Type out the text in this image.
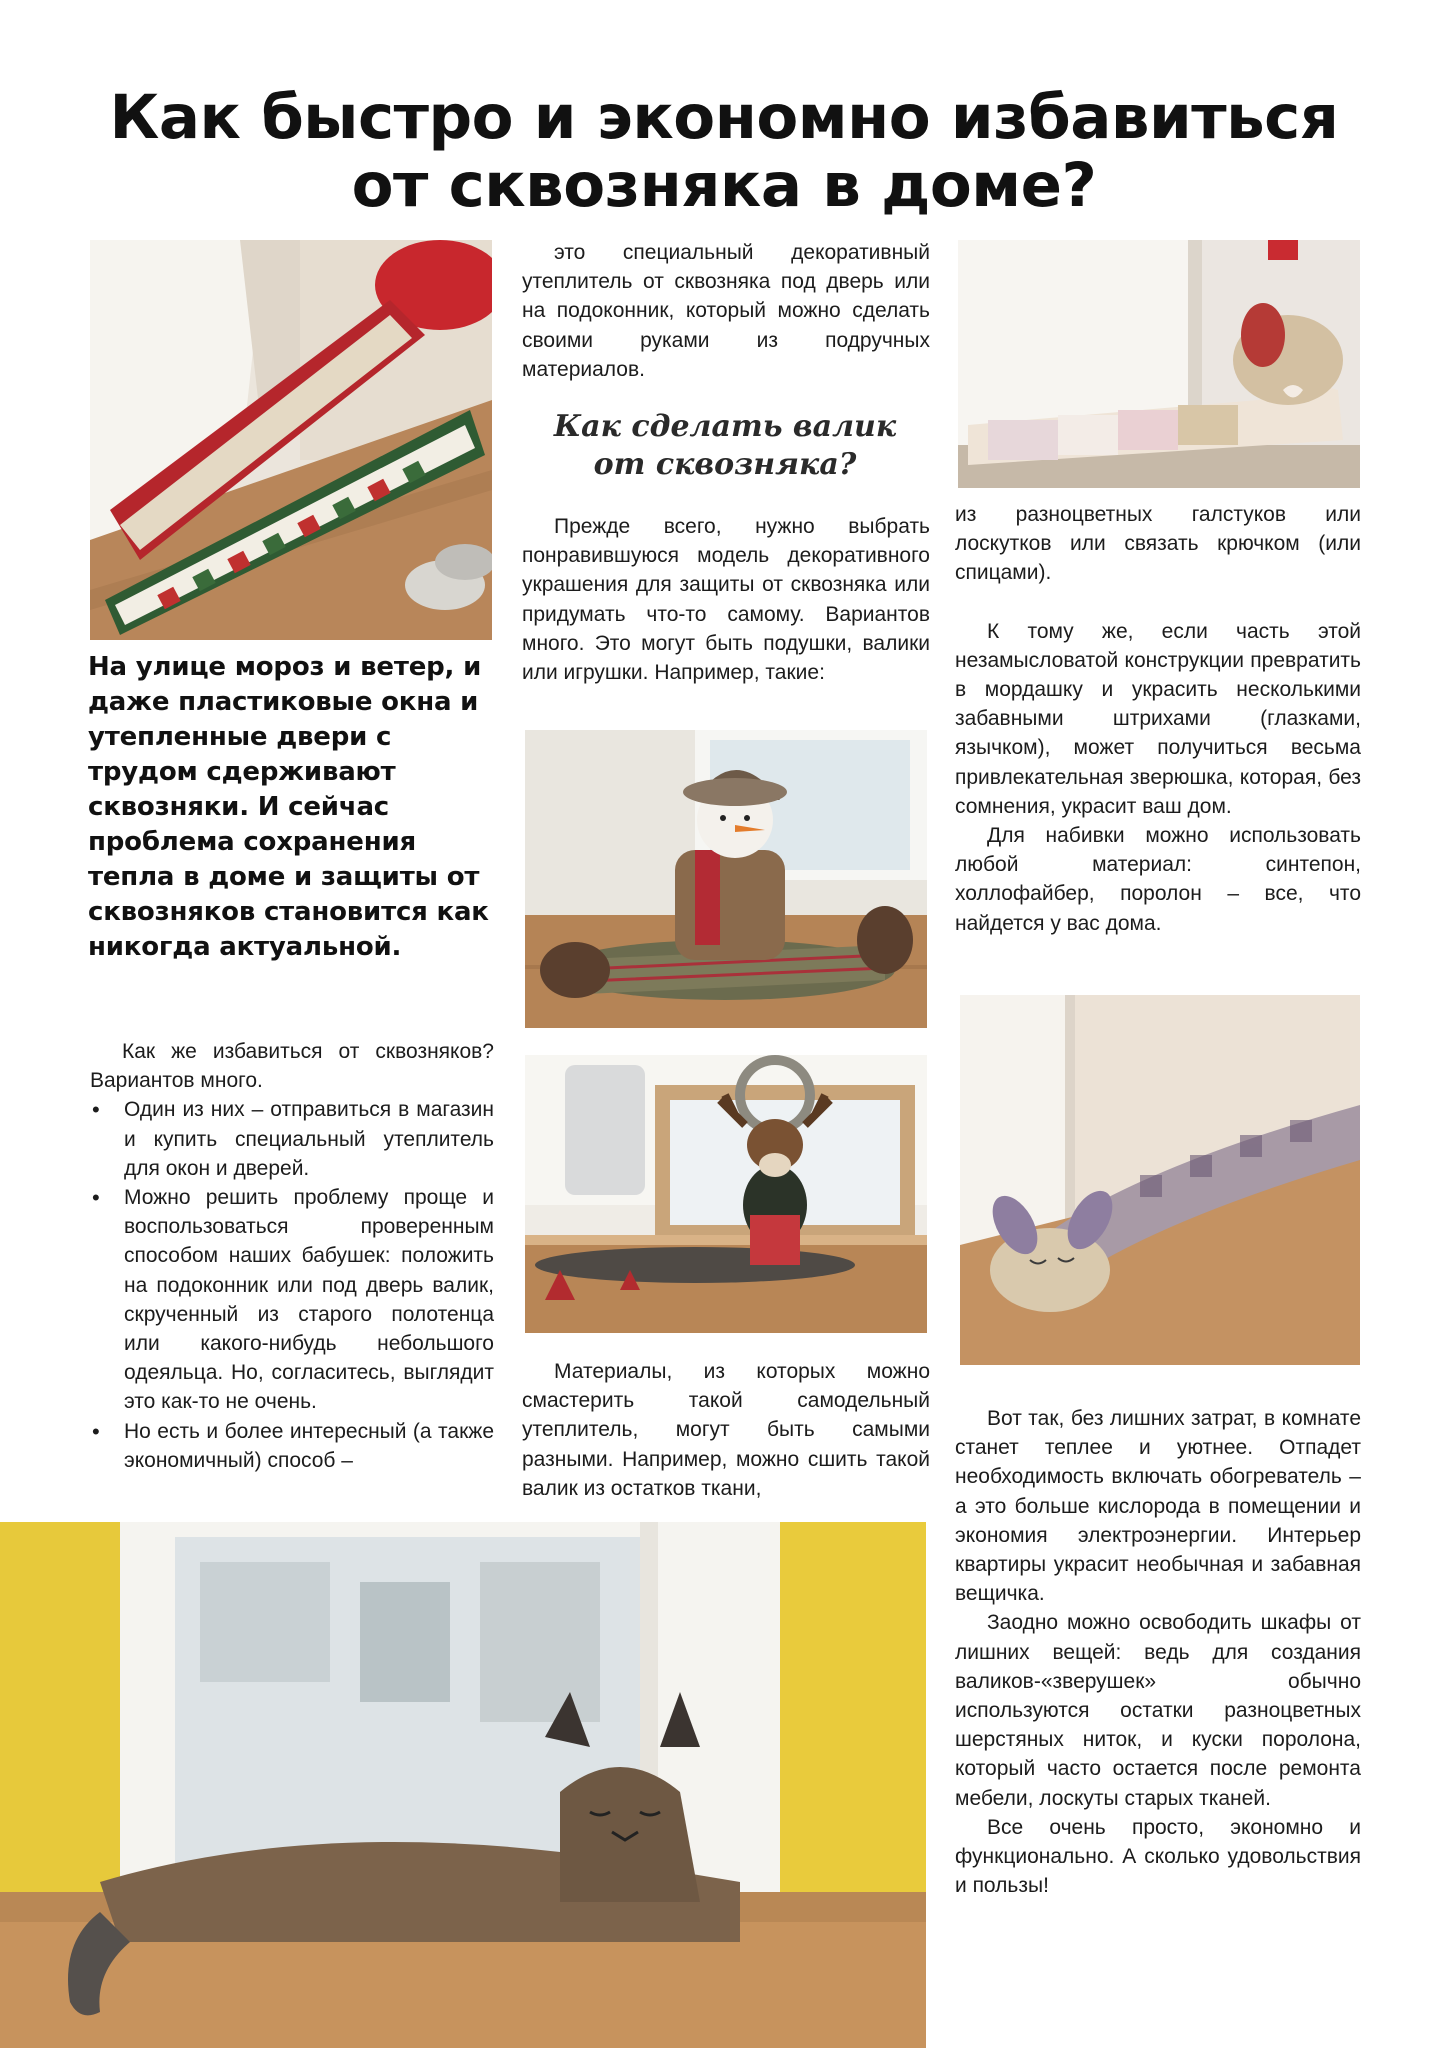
Как быстро и экономно избавиться
от сквозняка в доме?
На улице мороз и ветер, и даже пластиковые окна и утепленные двери с трудом сдерживают сквозняки. И сейчас проблема сохранения тепла в доме и защиты от сквозняков становится как никогда актуальной.

Как же избавиться от сквозняков? Вариантов много.

• Один из них – отправиться в магазин и купить специальный утеплитель для окон и дверей.
• Можно решить проблему проще и воспользоваться проверенным способом наших бабушек: положить на подоконник или под дверь валик, скрученный из старого полотенца или какого-нибудь небольшого одеяльца. Но, согласитесь, выглядит это как-то не очень.
• Но есть и более интересный (а также экономичный) способ –

это специальный декоративный утеплитель от сквозняка под дверь или на подоконник, который можно сделать своими руками из подручных материалов.

Как сделать валик
от сквозняка?

Прежде всего, нужно выбрать понравившуюся модель декоративного украшения для защиты от сквозняка или придумать что-то самому. Вариантов много. Это могут быть подушки, валики или игрушки. Например, такие:

Материалы, из которых можно смастерить такой самодельный утеплитель, могут быть самыми разными. Например, можно сшить такой валик из остатков ткани,

из разноцветных галстуков или лоскутков или связать крючком (или спицами).

К тому же, если часть этой незамысловатой конструкции превратить в мордашку и украсить несколькими забавными штрихами (глазками, язычком), может получиться весьма привлекательная зверюшка, которая, без сомнения, украсит ваш дом.

Для набивки можно использовать любой материал: синтепон, холлофайбер, поролон – все, что найдется у вас дома.

Вот так, без лишних затрат, в комнате станет теплее и уютнее. Отпадет необходимость включать обогреватель – а это больше кислорода в помещении и экономия электроэнергии. Интерьер квартиры украсит необычная и забавная вещичка.

Заодно можно освободить шкафы от лишних вещей: ведь для создания валиков-«зверушек» обычно используются остатки разноцветных шерстяных ниток, и куски поролона, который часто остается после ремонта мебели, лоскуты старых тканей.

Все очень просто, экономно и функционально. А сколько удовольствия и пользы!
